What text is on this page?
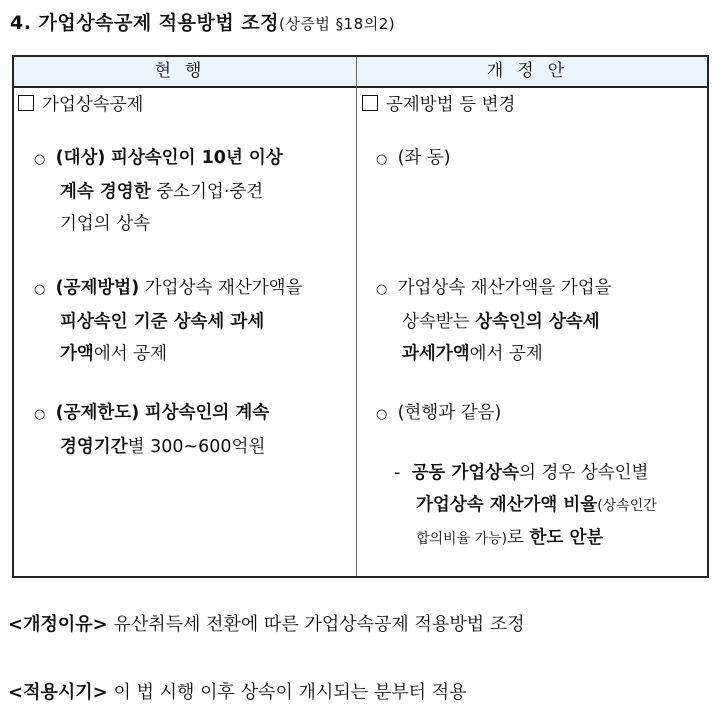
4. 가업상속공제 적용방법 조정(상증법 §18의2)
현행	개정안
가업상속공제
○ (대상) 피상속인이 10년 이상
계속 경영한 중소기업·중견
기업의 상속
○ (공제방법) 가업상속 재산가액을
피상속인 기준 상속세 과세
가액에서 공제
○ (공제한도) 피상속인의 계속
경영기간별 300~600억원
공제방법 등 변경
○ (좌 동)
○ 가업상속 재산가액을 가업을
상속받는 상속인의 상속세
과세가액에서 공제
○ (현행과 같음)
- 공동 가업상속의 경우 상속인별
가업상속 재산가액 비율(상속인간
합의비율 가능)로 한도 안분
<개정이유> 유산취득세 전환에 따른 가업상속공제 적용방법 조정
<적용시기> 이 법 시행 이후 상속이 개시되는 분부터 적용
